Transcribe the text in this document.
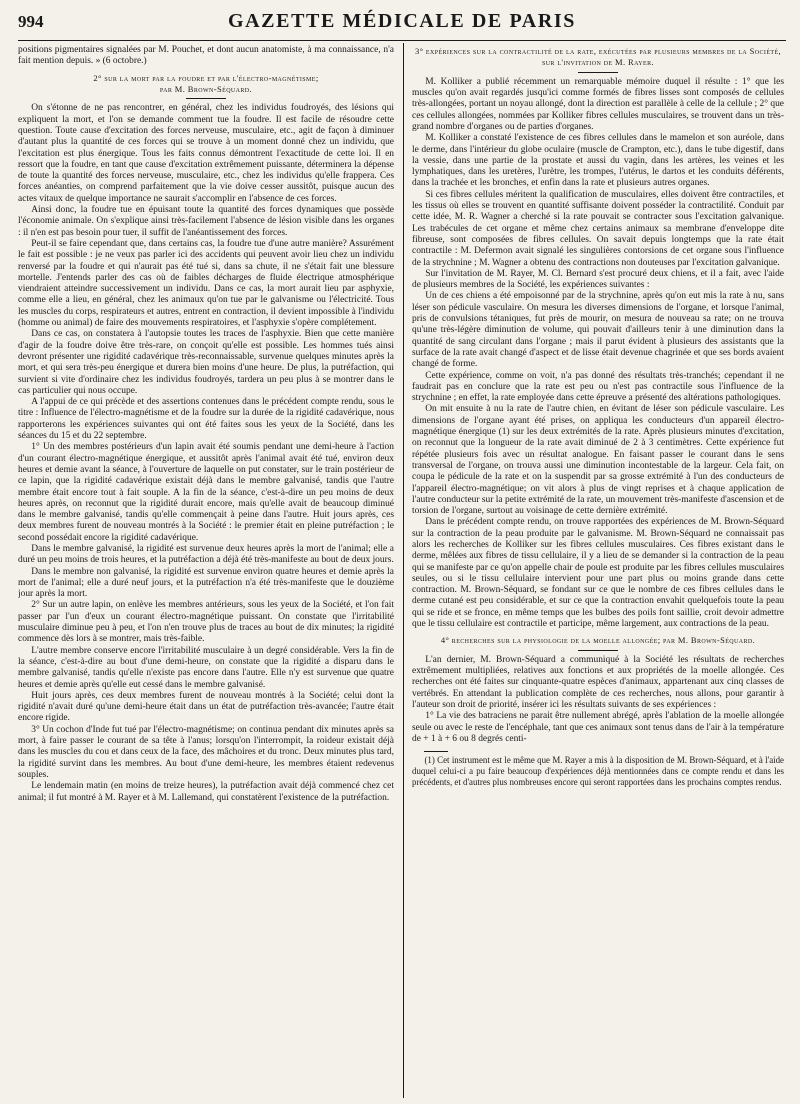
994	GAZETTE MÉDICALE DE PARIS

positions pigmentaires signalées par M. Pouchet, et dont aucun anatomiste, à ma connaissance, n'a fait mention depuis. » (6 octobre.)

2° sur la mort par la foudre et par l'électro-magnétisme;
par M. Brown-Séquard.

On s'étonne de ne pas rencontrer, en général, chez les individus foudroyés, des lésions qui expliquent la mort, et l'on se demande comment tue la foudre. Il est facile de résoudre cette question. Toute cause d'excitation des forces nerveuse, musculaire, etc., agit de façon à diminuer d'autant plus la quantité de ces forces qui se trouve à un moment donné chez un individu, que l'excitation est plus énergique. Tous les faits connus démontrent l'exactitude de cette loi. Il en ressort que la foudre, en tant que cause d'excitation extrêmement puissante, déterminera la dépense de toute la quantité des forces nerveuse, musculaire, etc., chez les individus qu'elle frappera. Ces forces anéanties, on comprend parfaitement que la vie doive cesser aussitôt, puisque aucun des actes vitaux de quelque importance ne saurait s'accomplir en l'absence de ces forces.

Ainsi donc, la foudre tue en épuisant toute la quantité des forces dynamiques que possède l'économie animale. On s'explique ainsi très-facilement l'absence de lésion visible dans les organes : il n'en est pas besoin pour tuer, il suffit de l'anéantissement des forces.

Peut-il se faire cependant que, dans certains cas, la foudre tue d'une autre manière? Assurément le fait est possible : je ne veux pas parler ici des accidents qui peuvent avoir lieu chez un individu renversé par la foudre et qui n'aurait pas été tué si, dans sa chute, il ne s'était fait une blessure mortelle. J'entends parler des cas où de faibles décharges de fluide électrique atmosphérique viendraient atteindre successivement un individu. Dans ce cas, la mort aurait lieu par asphyxie, comme elle a lieu, en général, chez les animaux qu'on tue par le galvanisme ou l'électricité. Tous les muscles du corps, respirateurs et autres, entrent en contraction, il devient impossible à l'individu (homme ou animal) de faire des mouvements respiratoires, et l'asphyxie s'opère complétement.

Dans ce cas, on constatera à l'autopsie toutes les traces de l'asphyxie. Bien que cette manière d'agir de la foudre doive être très-rare, on conçoit qu'elle est possible. Les hommes tués ainsi devront présenter une rigidité cadavérique très-reconnaissable, survenue quelques minutes après la mort, et qui sera très-peu énergique et durera bien moins d'une heure. De plus, la putréfaction, qui survient si vite d'ordinaire chez les individus foudroyés, tardera un peu plus à se montrer dans le cas particulier qui nous occupe.

A l'appui de ce qui précède et des assertions contenues dans le précédent compte rendu, sous le titre : Influence de l'électro-magnétisme et de la foudre sur la durée de la rigidité cadavérique, nous rapporterons les expériences suivantes qui ont été faites sous les yeux de la Société, dans les séances du 15 et du 22 septembre.

1° Un des membres postérieurs d'un lapin avait été soumis pendant une demi-heure à l'action d'un courant électro-magnétique énergique, et aussitôt après l'animal avait été tué, environ deux heures et demie avant la séance, à l'ouverture de laquelle on put constater, sur le train postérieur de ce lapin, que la rigidité cadavérique existait déjà dans le membre galvanisé, tandis que l'autre membre était encore tout à fait souple. A la fin de la séance, c'est-à-dire un peu moins de deux heures après, on reconnut que la rigidité durait encore, mais qu'elle avait de beaucoup diminué dans le membre galvanisé, tandis qu'elle commençait à peine dans l'autre. Huit jours après, ces deux membres furent de nouveau montrés à la Société : le premier était en pleine putréfaction ; le second possédait encore la rigidité cadavérique.

Dans le membre galvanisé, la rigidité est survenue deux heures après la mort de l'animal; elle a duré un peu moins de trois heures, et la putréfaction a déjà été très-manifeste au bout de deux jours.

Dans le membre non galvanisé, la rigidité est survenue environ quatre heures et demie après la mort de l'animal; elle a duré neuf jours, et la putréfaction n'a été très-manifeste que le douzième jour après la mort.

2° Sur un autre lapin, on enlève les membres antérieurs, sous les yeux de la Société, et l'on fait passer par l'un d'eux un courant électro-magnétique puissant. On constate que l'irritabilité musculaire diminue peu à peu, et l'on n'en trouve plus de traces au bout de dix minutes; la rigidité commence dès lors à se montrer, mais très-faible.

L'autre membre conserve encore l'irritabilité musculaire à un degré considérable. Vers la fin de la séance, c'est-à-dire au bout d'une demi-heure, on constate que la rigidité a disparu dans le membre galvanisé, tandis qu'elle n'existe pas encore dans l'autre. Elle n'y est survenue que quatre heures et demie après qu'elle eut cessé dans le membre galvanisé.

Huit jours après, ces deux membres furent de nouveau montrés à la Société; celui dont la rigidité n'avait duré qu'une demi-heure était dans un état de putréfaction très-avancée; l'autre était encore rigide.

3° Un cochon d'Inde fut tué par l'électro-magnétisme; on continua pendant dix minutes après sa mort, à faire passer le courant de sa tête à l'anus; lorsqu'on l'interrompit, la roideur existait déjà dans les muscles du cou et dans ceux de la face, des mâchoires et du tronc. Deux minutes plus tard, la rigidité survint dans les membres. Au bout d'une demi-heure, les membres étaient redevenus souples.

Le lendemain matin (en moins de treize heures), la putréfaction avait déjà commencé chez cet animal; il fut montré à M. Rayer et à M. Lallemand, qui constatèrent l'existence de la putréfaction.

3° expériences sur la contractilité de la rate, exécutées par plusieurs membres de la Société, sur l'invitation de M. Rayer.

M. Kolliker a publié récemment un remarquable mémoire duquel il résulte : 1° que les muscles qu'on avait regardés jusqu'ici comme formés de fibres lisses sont composés de cellules très-allongées, portant un noyau allongé, dont la direction est parallèle à celle de la cellule ; 2° que ces cellules allongées, nommées par Kolliker fibres cellules musculaires, se trouvent dans un très-grand nombre d'organes ou de parties d'organes.

M. Kolliker a constaté l'existence de ces fibres cellules dans le mamelon et son auréole, dans le derme, dans l'intérieur du globe oculaire (muscle de Crampton, etc.), dans le tube digestif, dans la vessie, dans une partie de la prostate et aussi du vagin, dans les artères, les veines et les lymphatiques, dans les uretères, l'urètre, les trompes, l'utérus, le dartos et les conduits déférents, dans la trachée et les bronches, et enfin dans la rate et plusieurs autres organes.

Si ces fibres cellules méritent la qualification de musculaires, elles doivent être contractiles, et les tissus où elles se trouvent en quantité suffisante doivent posséder la contractilité. Conduit par cette idée, M. R. Wagner a cherché si la rate pouvait se contracter sous l'excitation galvanique. Les trabécules de cet organe et même chez certains animaux sa membrane d'enveloppe dite fibreuse, sont composées de fibres cellules. On savait depuis longtemps que la rate était contractile : M. Defermon avait signalé les singulières contorsions de cet organe sous l'influence de la strychnine ; M. Wagner a obtenu des contractions non douteuses par l'excitation galvanique.

Sur l'invitation de M. Rayer, M. Cl. Bernard s'est procuré deux chiens, et il a fait, avec l'aide de plusieurs membres de la Société, les expériences suivantes :

Un de ces chiens a été empoisonné par de la strychnine, après qu'on eut mis la rate à nu, sans léser son pédicule vasculaire. On mesura les diverses dimensions de l'organe, et lorsque l'animal, pris de convulsions tétaniques, fut près de mourir, on mesura de nouveau sa rate; on ne trouva qu'une très-légère diminution de volume, qui pouvait d'ailleurs tenir à une diminution dans la quantité de sang circulant dans l'organe ; mais il parut évident à plusieurs des assistants que la surface de la rate avait changé d'aspect et de lisse était devenue chagrinée et que ses bords avaient changé de forme.

Cette expérience, comme on voit, n'a pas donné des résultats très-tranchés; cependant il ne faudrait pas en conclure que la rate est peu ou n'est pas contractile sous l'influence de la strychnine ; en effet, la rate employée dans cette épreuve a présenté des altérations pathologiques.

On mit ensuite à nu la rate de l'autre chien, en évitant de léser son pédicule vasculaire. Les dimensions de l'organe ayant été prises, on appliqua les conducteurs d'un appareil électro-magnétique énergique (1) sur les deux extrémités de la rate. Après plusieurs minutes d'excitation, on reconnut que la longueur de la rate avait diminué de 2 à 3 centimètres. Cette expérience fut répétée plusieurs fois avec un résultat analogue. En faisant passer le courant dans le sens transversal de l'organe, on trouva aussi une diminution incontestable de la largeur. Cela fait, on coupa le pédicule de la rate et on la suspendit par sa grosse extrémité à l'un des conducteurs de l'appareil électro-magnétique; on vit alors à plus de vingt reprises et à chaque application de l'autre conducteur sur la petite extrémité de la rate, un mouvement très-manifeste d'ascension et de torsion de l'organe, surtout au voisinage de cette dernière extrémité.

Dans le précédent compte rendu, on trouve rapportées des expériences de M. Brown-Séquard sur la contraction de la peau produite par le galvanisme. M. Brown-Séquard ne connaissait pas alors les recherches de Kolliker sur les fibres cellules musculaires. Ces fibres existant dans le derme, mêlées aux fibres de tissu cellulaire, il y a lieu de se demander si la contraction de la peau qui se manifeste par ce qu'on appelle chair de poule est produite par les fibres cellules musculaires seules, ou si le tissu cellulaire intervient pour une part plus ou moins grande dans cette contraction. M. Brown-Séquard, se fondant sur ce que le nombre de ces fibres cellules dans le derme cutané est peu considérable, et sur ce que la contraction envahit quelquefois toute la peau qui se ride et se fronce, en même temps que les bulbes des poils font saillie, croit devoir admettre que le tissu cellulaire est contractile et participe, même largement, aux contractions de la peau.

4° recherches sur la physiologie de la moelle allongée; par M. Brown-Séquard.

L'an dernier, M. Brown-Séquard a communiqué à la Société les résultats de recherches extrêmement multipliées, relatives aux fonctions et aux propriétés de la moelle allongée. Ces recherches ont été faites sur cinquante-quatre espèces d'animaux, appartenant aux cinq classes de vertébrés. En attendant la publication complète de ces recherches, nous allons, pour garantir à l'auteur son droit de priorité, insérer ici les résultats suivants de ses expériences :

1° La vie des batraciens ne parait être nullement abrégé, après l'ablation de la moelle allongée seule ou avec le reste de l'encéphale, tant que ces animaux sont tenus dans de l'air à la température de + 1 à + 6 ou 8 degrés centi-

(1) Cet instrument est le même que M. Rayer a mis à la disposition de M. Brown-Séquard, et à l'aide duquel celui-ci a pu faire beaucoup d'expériences déjà mentionnées dans ce compte rendu et dans les précédents, et d'autres plus nombreuses encore qui seront rapportées dans les prochains comptes rendus.
